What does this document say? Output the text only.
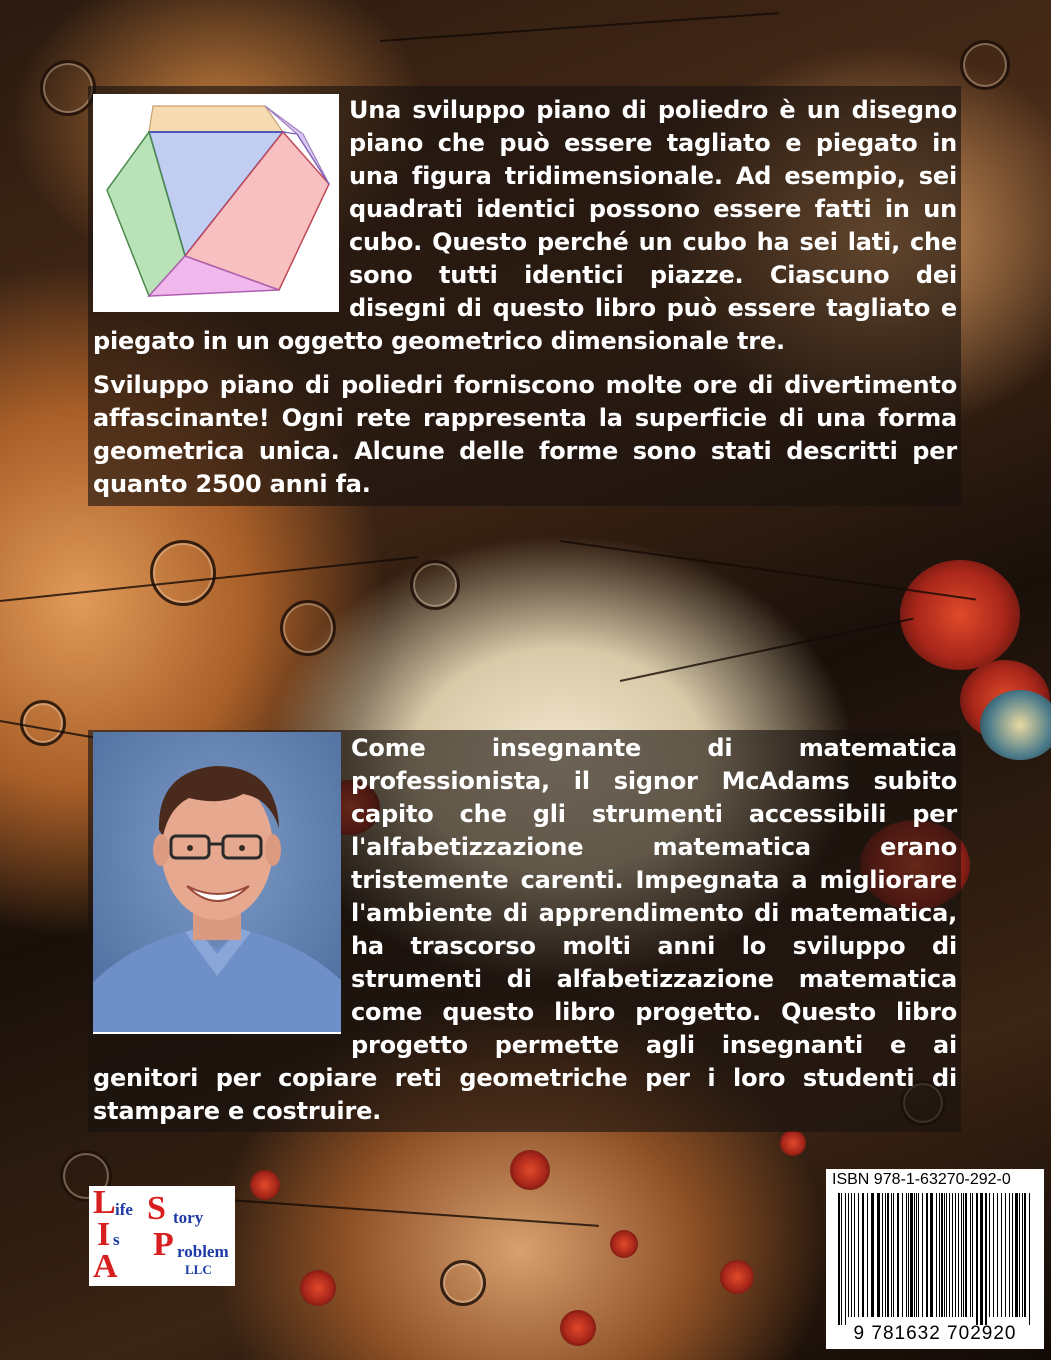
Una sviluppo piano di poliedro è un disegno piano che può essere tagliato e piegato in una figura tridimensionale. Ad esempio, sei quadrati identici possono essere fatti in un cubo. Questo perché un cubo ha sei lati, che sono tutti identici piazze. Ciascuno dei disegni di questo libro può essere tagliato e piegato in un oggetto geometrico dimensionale tre.

Sviluppo piano di poliedri forniscono molte ore di divertimento affascinante! Ogni rete rappresenta la superficie di una forma geometrica unica. Alcune delle forme sono stati descritti per quanto 2500 anni fa.

Come insegnante di matematica professionista, il signor McAdams subito capito che gli strumenti accessibili per l'alfabetizzazione matematica erano tristemente carenti. Impegnata a migliorare l'ambiente di apprendimento di matematica, ha trascorso molti anni lo sviluppo di strumenti di alfabetizzazione matematica come questo libro progetto. Questo libro progetto permette agli insegnanti e ai genitori per copiare reti geometriche per i loro studenti di stampare e costruire.

L ife
I s
A
S tory
P roblem
LLC
ISBN 978-1-63270-292-0
9 781632 702920
